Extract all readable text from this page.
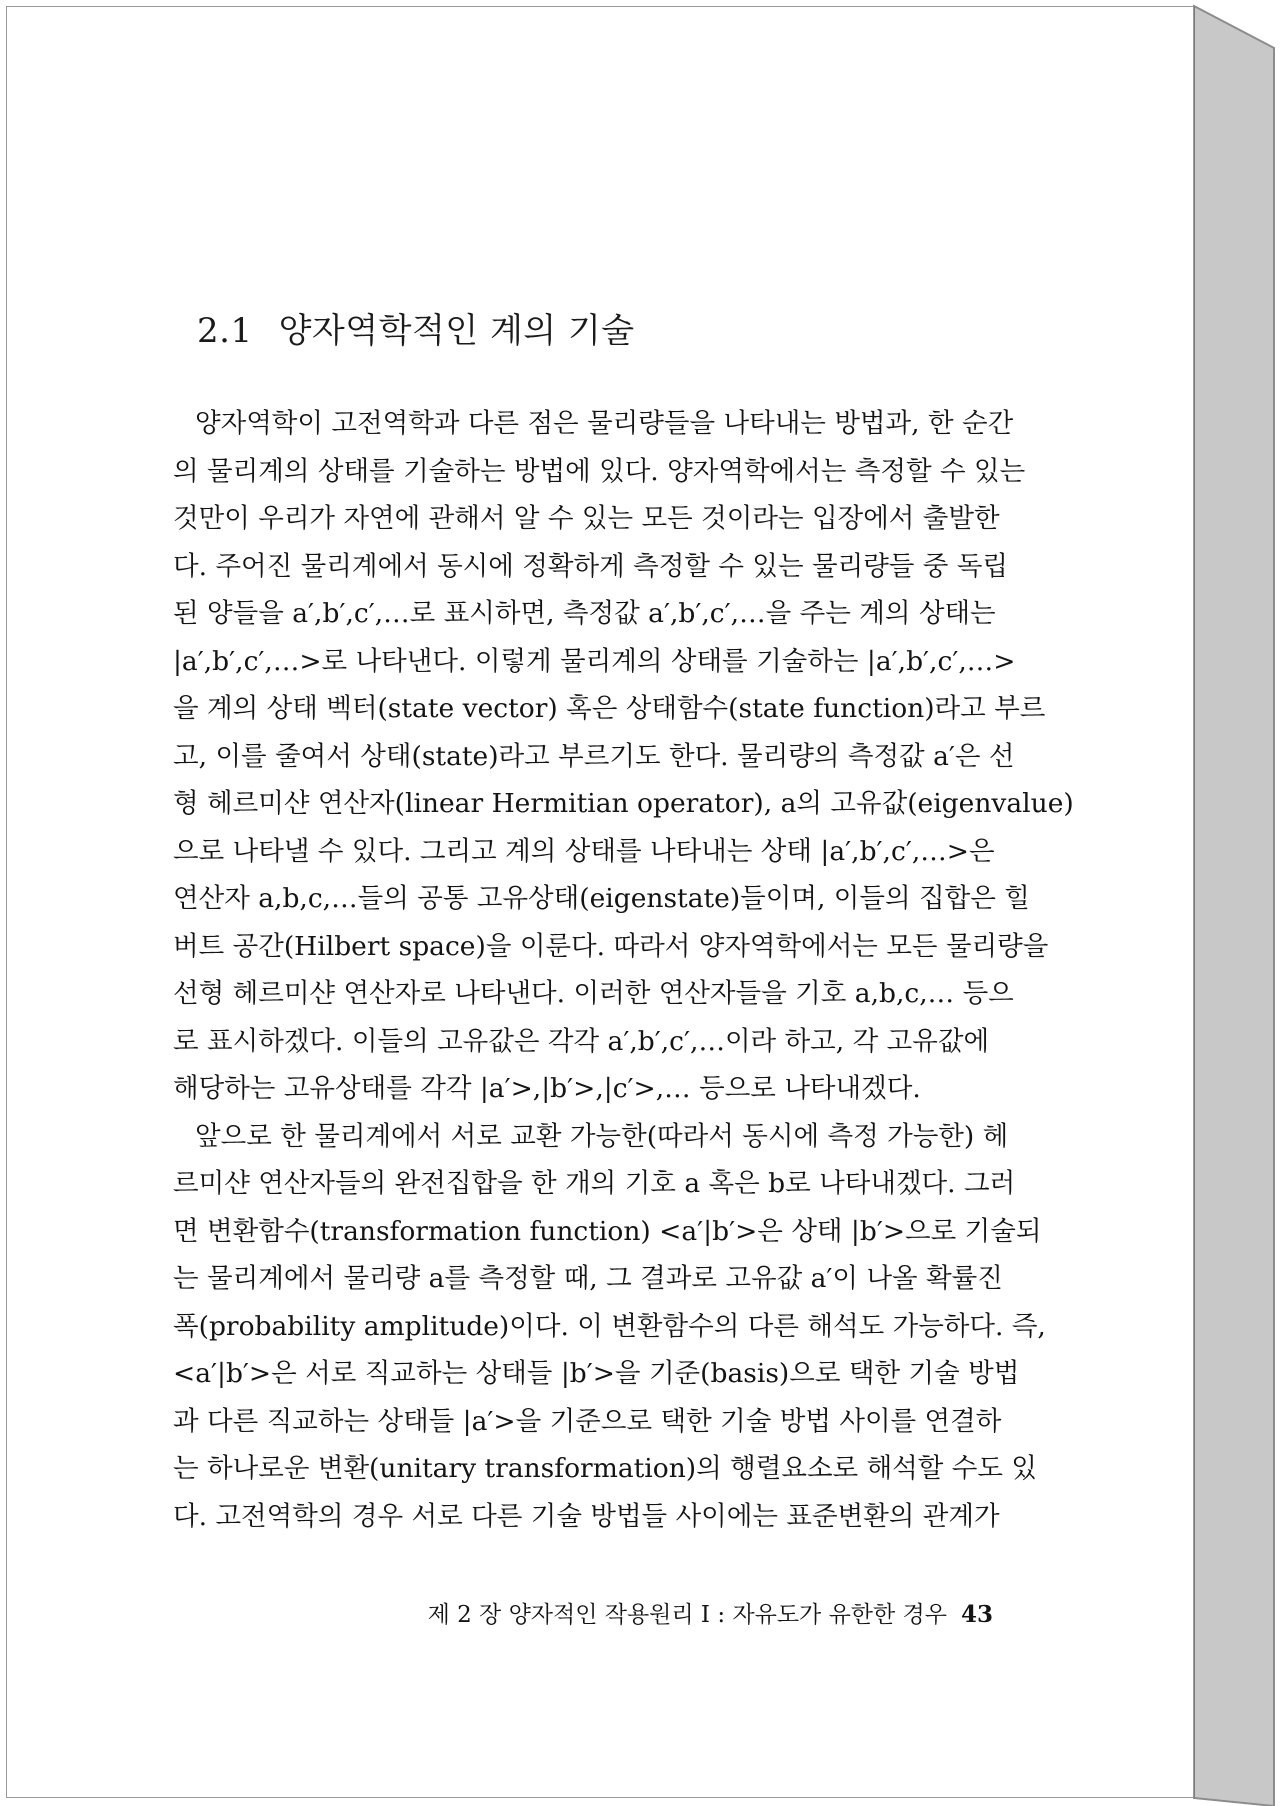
2.1 양자역학적인 계의 기술
양자역학이 고전역학과 다른 점은 물리량들을 나타내는 방법과, 한 순간
의 물리계의 상태를 기술하는 방법에 있다. 양자역학에서는 측정할 수 있는
것만이 우리가 자연에 관해서 알 수 있는 모든 것이라는 입장에서 출발한
다. 주어진 물리계에서 동시에 정확하게 측정할 수 있는 물리량들 중 독립
된 양들을 a′,b′,c′,…로 표시하면, 측정값 a′,b′,c′,…을 주는 계의 상태는
|a′,b′,c′,…>로 나타낸다. 이렇게 물리계의 상태를 기술하는 |a′,b′,c′,…>
을 계의 상태 벡터(state vector) 혹은 상태함수(state function)라고 부르
고, 이를 줄여서 상태(state)라고 부르기도 한다. 물리량의 측정값 a′은 선
형 헤르미샨 연산자(linear Hermitian operator), a의 고유값(eigenvalue)
으로 나타낼 수 있다. 그리고 계의 상태를 나타내는 상태 |a′,b′,c′,…>은
연산자 a,b,c,…들의 공통 고유상태(eigenstate)들이며, 이들의 집합은 힐
버트 공간(Hilbert space)을 이룬다. 따라서 양자역학에서는 모든 물리량을
선형 헤르미샨 연산자로 나타낸다. 이러한 연산자들을 기호 a,b,c,… 등으
로 표시하겠다. 이들의 고유값은 각각 a′,b′,c′,…이라 하고, 각 고유값에
해당하는 고유상태를 각각 |a′>,|b′>,|c′>,… 등으로 나타내겠다.
앞으로 한 물리계에서 서로 교환 가능한(따라서 동시에 측정 가능한) 헤
르미샨 연산자들의 완전집합을 한 개의 기호 a 혹은 b로 나타내겠다. 그러
면 변환함수(transformation function) <a′|b′>은 상태 |b′>으로 기술되
는 물리계에서 물리량 a를 측정할 때, 그 결과로 고유값 a′이 나올 확률진
폭(probability amplitude)이다. 이 변환함수의 다른 해석도 가능하다. 즉,
<a′|b′>은 서로 직교하는 상태들 |b′>을 기준(basis)으로 택한 기술 방법
과 다른 직교하는 상태들 |a′>을 기준으로 택한 기술 방법 사이를 연결하
는 하나로운 변환(unitary transformation)의 행렬요소로 해석할 수도 있
다. 고전역학의 경우 서로 다른 기술 방법들 사이에는 표준변환의 관계가
제 2 장 양자적인 작용원리 I : 자유도가 유한한 경우 43
